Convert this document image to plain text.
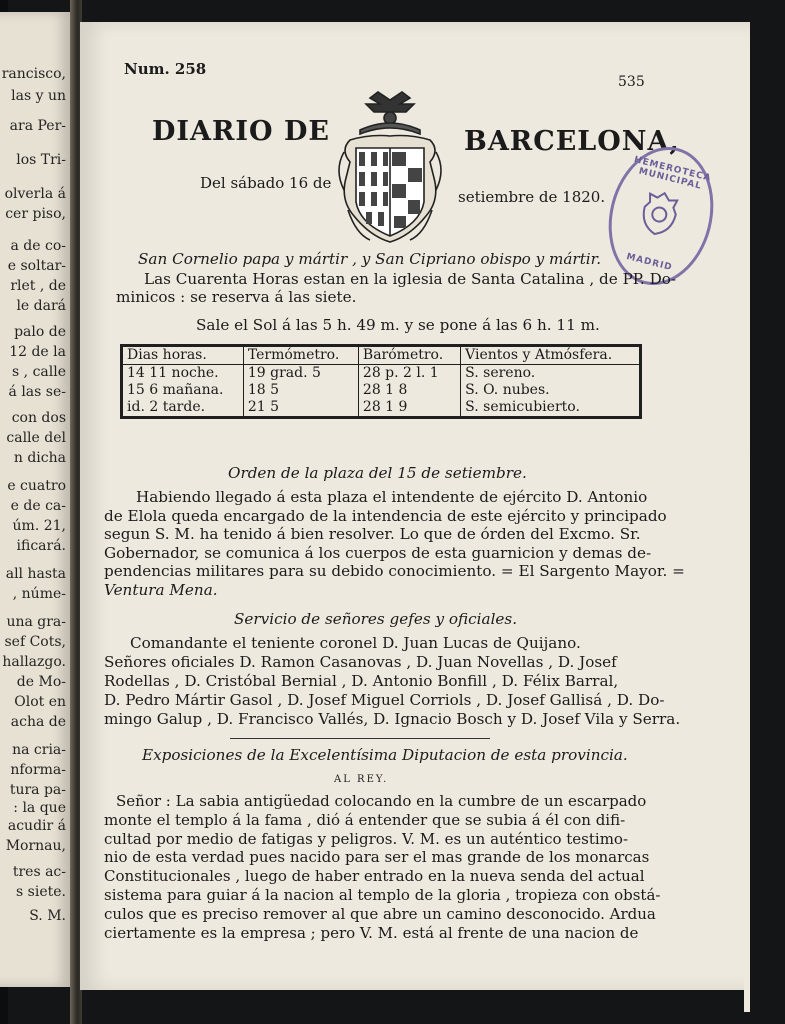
rancisco,
las y un
ara Per-
los Tri-
olverla á
cer piso,
a de co-
e soltar-
rlet , de
le dará
palo de
12 de la
s , calle
á las se-
con dos
calle del
n dicha
e cuatro
e de ca-
úm. 21,
ificará.
all hasta
, núme-
una gra-
sef Cots,
hallazgo.
de Mo-
Olot en
acha de
na cria-
nforma-
tura pa-
: la que
acudir á
Mornau,
tres ac-
s siete.
S. M.
Num. 258
535
DIARIO DE	BARCELONA,
Del sábado 16 de
setiembre de 1820.
HEMEROTECA MUNICIPAL
MADRID
San Cornelio papa y mártir , y San Cipriano obispo y mártir.
Las Cuarenta Horas estan en la iglesia de Santa Catalina , de PP. Do-
minicos : se reserva á las siete.
Sale el Sol á las 5 h. 49 m. y se pone á las 6 h. 11 m.
Dias horas.	Termómetro.	Barómetro.	Vientos y Atmósfera.
14 11 noche.	19 grad. 5	28 p. 2 l. 1	S. sereno.
15 6 mañana.	18 5	28 1 8	S. O. nubes.
id. 2 tarde.	21 5	28 1 9	S. semicubierto.
Orden de la plaza del 15 de setiembre.
Habiendo llegado á esta plaza el intendente de ejército D. Antonio
de Elola queda encargado de la intendencia de este ejército y principado
segun S. M. ha tenido á bien resolver. Lo que de órden del Excmo. Sr.
Gobernador, se comunica á los cuerpos de esta guarnicion y demas de-
pendencias militares para su debido conocimiento. = El Sargento Mayor. =
Ventura Mena.
Servicio de señores gefes y oficiales.
Comandante el teniente coronel D. Juan Lucas de Quijano.
Señores oficiales D. Ramon Casanovas , D. Juan Novellas , D. Josef
Rodellas , D. Cristóbal Bernial , D. Antonio Bonfill , D. Félix Barral,
D. Pedro Mártir Gasol , D. Josef Miguel Corriols , D. Josef Gallisá , D. Do-
mingo Galup , D. Francisco Vallés, D. Ignacio Bosch y D. Josef Vila y Serra.
Exposiciones de la Excelentísima Diputacion de esta provincia.
AL REY.
Señor : La sabia antigüedad colocando en la cumbre de un escarpado
monte el templo á la fama , dió á entender que se subia á él con difi-
cultad por medio de fatigas y peligros. V. M. es un auténtico testimo-
nio de esta verdad pues nacido para ser el mas grande de los monarcas
Constitucionales , luego de haber entrado en la nueva senda del actual
sistema para guiar á la nacion al templo de la gloria , tropieza con obstá-
culos que es preciso remover al que abre un camino desconocido. Ardua
ciertamente es la empresa ; pero V. M. está al frente de una nacion de
